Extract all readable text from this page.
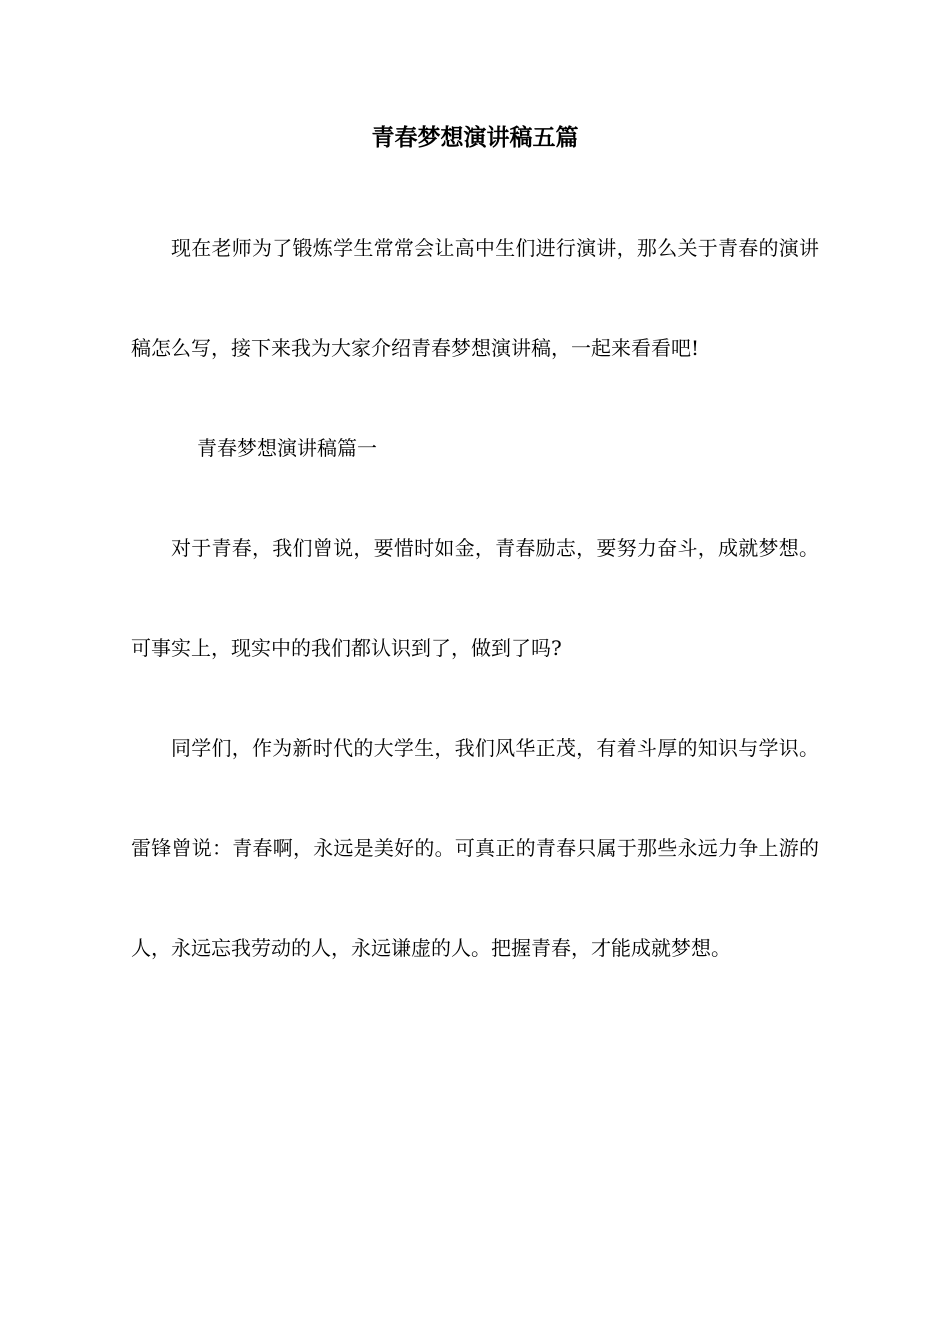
青春梦想演讲稿五篇

现在老师为了锻炼学生常常会让高中生们进行演讲，那么关于青春的演讲稿怎么写，接下来我为大家介绍青春梦想演讲稿，一起来看看吧!

青春梦想演讲稿篇一

对于青春，我们曾说，要惜时如金，青春励志，要努力奋斗，成就梦想。可事实上，现实中的我们都认识到了，做到了吗?

同学们，作为新时代的大学生，我们风华正茂，有着斗厚的知识与学识。雷锋曾说：青春啊，永远是美好的。可真正的青春只属于那些永远力争上游的人，永远忘我劳动的人，永远谦虚的人。把握青春，才能成就梦想。
